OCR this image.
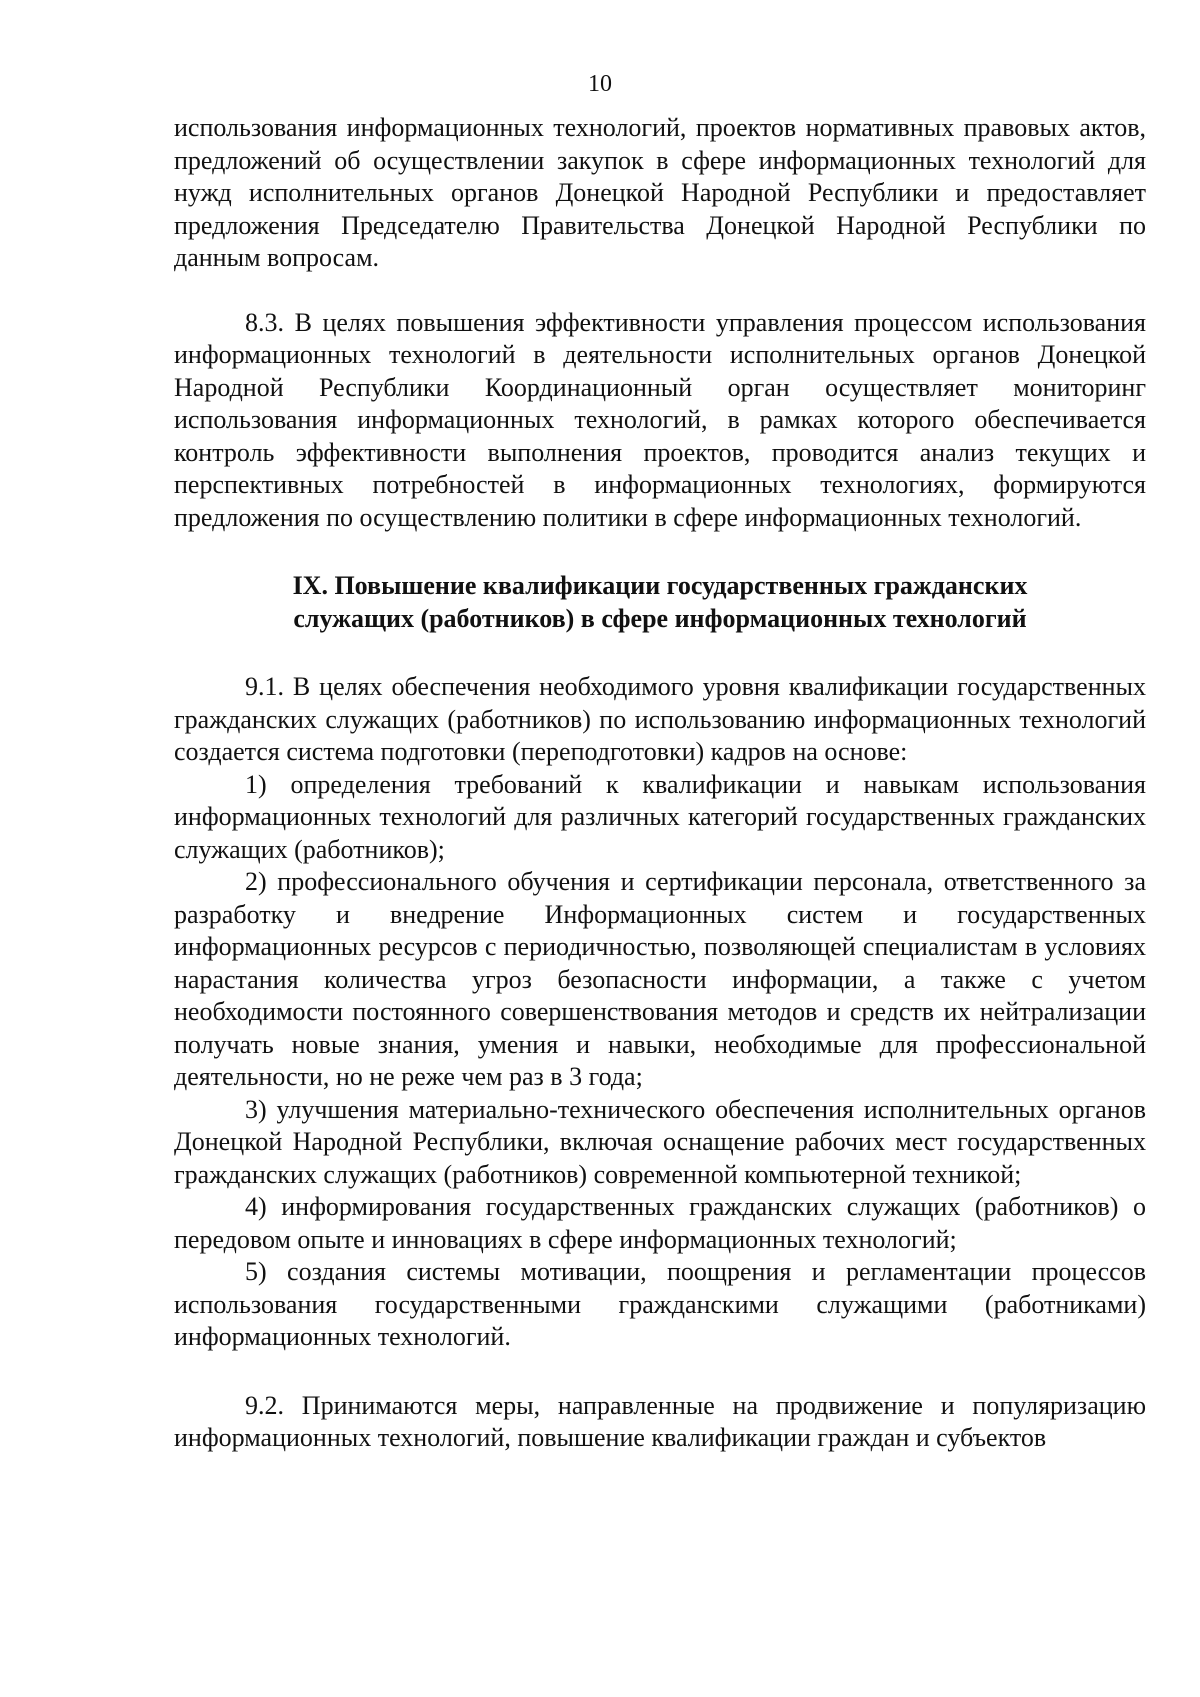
10

использования информационных технологий, проектов нормативных правовых актов, предложений об осуществлении закупок в сфере информационных технологий для нужд исполнительных органов Донецкой Народной Республики и предоставляет предложения Председателю Правительства Донецкой Народной Республики по данным вопросам.

8.3. В целях повышения эффективности управления процессом использования информационных технологий в деятельности исполнительных органов Донецкой Народной Республики Координационный орган осуществляет мониторинг использования информационных технологий, в рамках которого обеспечивается контроль эффективности выполнения проектов, проводится анализ текущих и перспективных потребностей в информационных технологиях, формируются предложения по осуществлению политики в сфере информационных технологий.

IX. Повышение квалификации государственных гражданских

служащих (работников) в сфере информационных технологий

9.1. В целях обеспечения необходимого уровня квалификации государственных гражданских служащих (работников) по использованию информационных технологий создается система подготовки (переподготовки) кадров на основе:

1) определения требований к квалификации и навыкам использования информационных технологий для различных категорий государственных гражданских служащих (работников);

2) профессионального обучения и сертификации персонала, ответственного за разработку и внедрение Информационных систем и государственных информационных ресурсов с периодичностью, позволяющей специалистам в условиях нарастания количества угроз безопасности информации, а также с учетом необходимости постоянного совершенствования методов и средств их нейтрализации получать новые знания, умения и навыки, необходимые для профессиональной деятельности, но не реже чем раз в 3 года;

3) улучшения материально-технического обеспечения исполнительных органов Донецкой Народной Республики, включая оснащение рабочих мест государственных гражданских служащих (работников) современной компьютерной техникой;

4) информирования государственных гражданских служащих (работников) о передовом опыте и инновациях в сфере информационных технологий;

5) создания системы мотивации, поощрения и регламентации процессов использования государственными гражданскими служащими (работниками) информационных технологий.

9.2. Принимаются меры, направленные на продвижение и популяризацию информационных технологий, повышение квалификации граждан и субъектов
